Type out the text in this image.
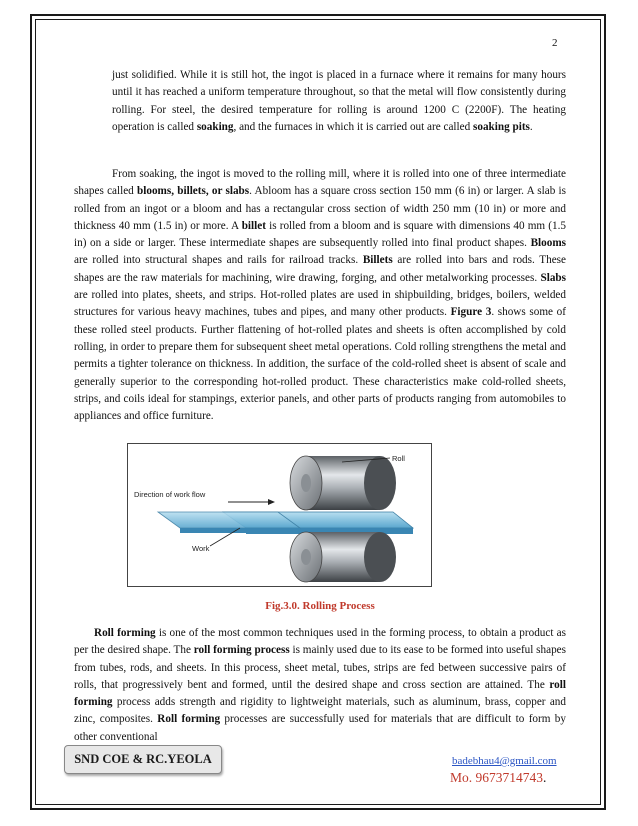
2
just solidified. While it is still hot, the ingot is placed in a furnace where it remains for many hours until it has reached a uniform temperature throughout, so that the metal will flow consistently during rolling. For steel, the desired temperature for rolling is around 1200 C (2200F). The heating operation is called soaking, and the furnaces in which it is carried out are called soaking pits.
From soaking, the ingot is moved to the rolling mill, where it is rolled into one of three intermediate shapes called blooms, billets, or slabs. Abloom has a square cross section 150 mm (6 in) or larger. A slab is rolled from an ingot or a bloom and has a rectangular cross section of width 250 mm (10 in) or more and thickness 40 mm (1.5 in) or more. A billet is rolled from a bloom and is square with dimensions 40 mm (1.5 in) on a side or larger. These intermediate shapes are subsequently rolled into final product shapes. Blooms are rolled into structural shapes and rails for railroad tracks. Billets are rolled into bars and rods. These shapes are the raw materials for machining, wire drawing, forging, and other metalworking processes. Slabs are rolled into plates, sheets, and strips. Hot-rolled plates are used in shipbuilding, bridges, boilers, welded structures for various heavy machines, tubes and pipes, and many other products. Figure 3. shows some of these rolled steel products. Further flattening of hot-rolled plates and sheets is often accomplished by cold rolling, in order to prepare them for subsequent sheet metal operations. Cold rolling strengthens the metal and permits a tighter tolerance on thickness. In addition, the surface of the cold-rolled sheet is absent of scale and generally superior to the corresponding hot-rolled product. These characteristics make cold-rolled sheets, strips, and coils ideal for stampings, exterior panels, and other parts of products ranging from automobiles to appliances and office furniture.
Roll
Direction of work flow
Work
Fig.3.0. Rolling Process
Roll forming is one of the most common techniques used in the forming process, to obtain a product as per the desired shape. The roll forming process is mainly used due to its ease to be formed into useful shapes from tubes, rods, and sheets. In this process, sheet metal, tubes, strips are fed between successive pairs of rolls, that progressively bent and formed, until the desired shape and cross section are attained. The roll forming process adds strength and rigidity to lightweight materials, such as aluminum, brass, copper and zinc, composites. Roll forming processes are successfully used for materials that are difficult to form by other conventional
SND COE & RC.YEOLA	badebhau4@gmail.com
Mo. 9673714743.
